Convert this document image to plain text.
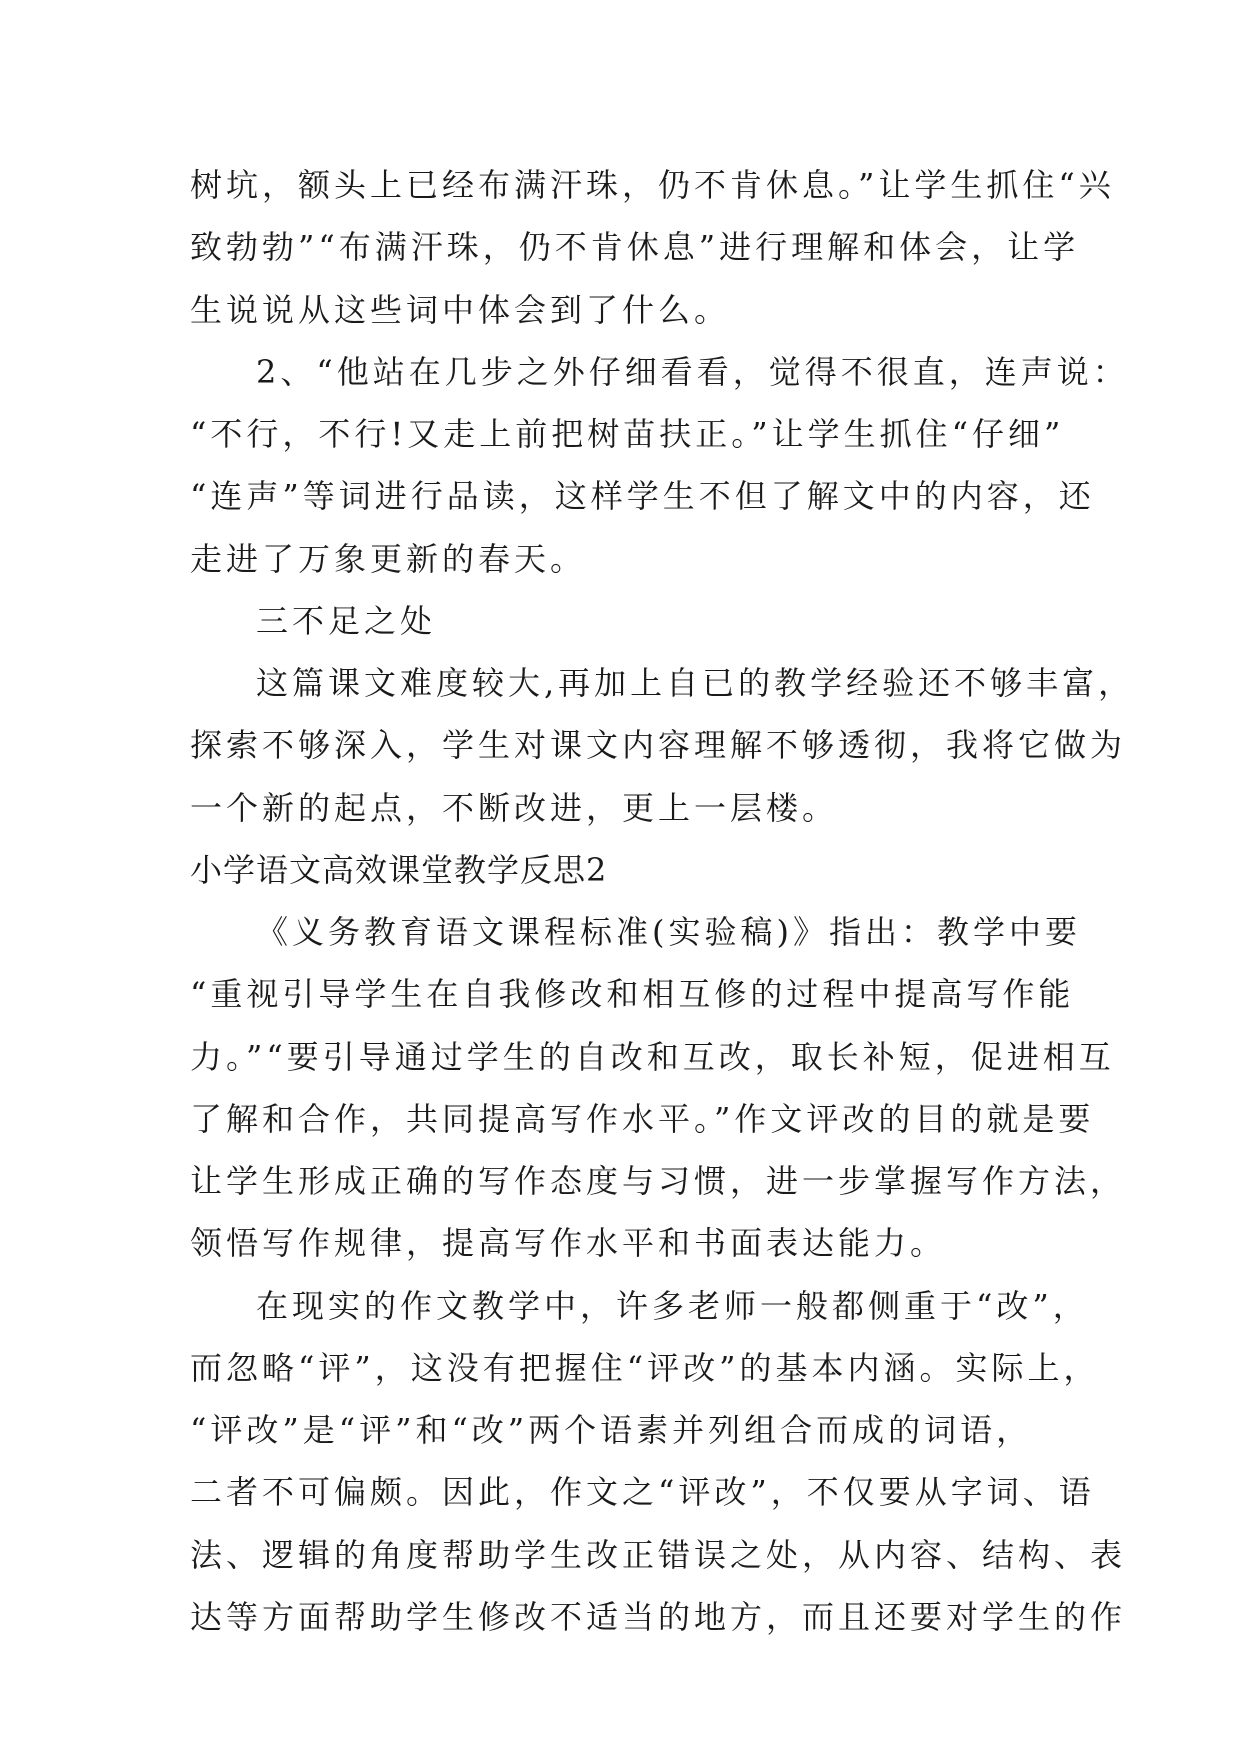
树坑，额头上已经布满汗珠，仍不肯休息。”让学生抓住“兴
致勃勃”“布满汗珠，仍不肯休息”进行理解和体会，让学
生说说从这些词中体会到了什么。
2、“他站在几步之外仔细看看，觉得不很直，连声说：
“不行，不行!又走上前把树苗扶正。”让学生抓住“仔细”
“连声”等词进行品读，这样学生不但了解文中的内容，还
走进了万象更新的春天。
三不足之处
这篇课文难度较大,再加上自已的教学经验还不够丰富，
探索不够深入，学生对课文内容理解不够透彻，我将它做为
一个新的起点，不断改进，更上一层楼。
小学语文高效课堂教学反思2
《义务教育语文课程标准(实验稿)》指出：教学中要
“重视引导学生在自我修改和相互修的过程中提高写作能
力。”“要引导通过学生的自改和互改，取长补短，促进相互
了解和合作，共同提高写作水平。”作文评改的目的就是要
让学生形成正确的写作态度与习惯，进一步掌握写作方法，
领悟写作规律，提高写作水平和书面表达能力。
在现实的作文教学中，许多老师一般都侧重于“改”，
而忽略“评”，这没有把握住“评改”的基本内涵。实际上，
“评改”是“评”和“改”两个语素并列组合而成的词语，
二者不可偏颇。因此，作文之“评改”，不仅要从字词、语
法、逻辑的角度帮助学生改正错误之处，从内容、结构、表
达等方面帮助学生修改不适当的地方，而且还要对学生的作
